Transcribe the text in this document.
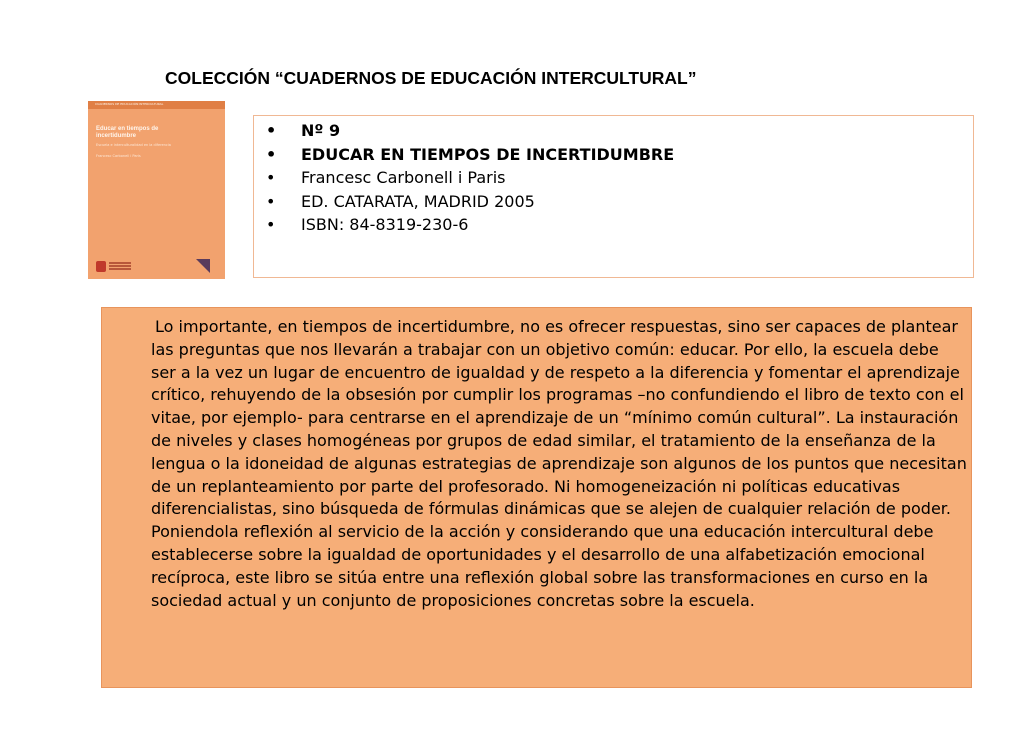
COLECCIÓN “CUADERNOS DE EDUCACIÓN INTERCULTURAL”
CUADERNOS DE EDUCACIÓN INTERCULTURAL
Educar en tiempos de incertidumbre
Escuela e interculturalidad en la diferencia
Francesc Carbonell i Paris
• Nº 9
• EDUCAR EN TIEMPOS DE INCERTIDUMBRE
• Francesc Carbonell i Paris
• ED. CATARATA, MADRID 2005
• ISBN: 84-8319-230-6
Lo importante, en tiempos de incertidumbre, no es ofrecer respuestas, sino ser capaces de plantear las preguntas que nos llevarán a trabajar con un objetivo común: educar. Por ello, la escuela debe ser a la vez un lugar de encuentro de igualdad y de respeto a la diferencia y fomentar el aprendizaje crítico, rehuyendo de la obsesión por cumplir los programas –no confundiendo el libro de texto con el vitae, por ejemplo- para centrarse en el aprendizaje de un “mínimo común cultural”. La instauración de niveles y clases homogéneas por grupos de edad similar, el tratamiento de la enseñanza de la lengua o la idoneidad de algunas estrategias de aprendizaje son algunos de los puntos que necesitan de un replanteamiento por parte del profesorado. Ni homogeneización ni políticas educativas diferencialistas, sino búsqueda de fórmulas dinámicas que se alejen de cualquier relación de poder. Poniendola reflexión al servicio de la acción y considerando que una educación intercultural debe establecerse sobre la igualdad de oportunidades y el desarrollo de una alfabetización emocional recíproca, este libro se sitúa entre una reflexión global sobre las transformaciones en curso en la sociedad actual y un conjunto de proposiciones concretas sobre la escuela.
